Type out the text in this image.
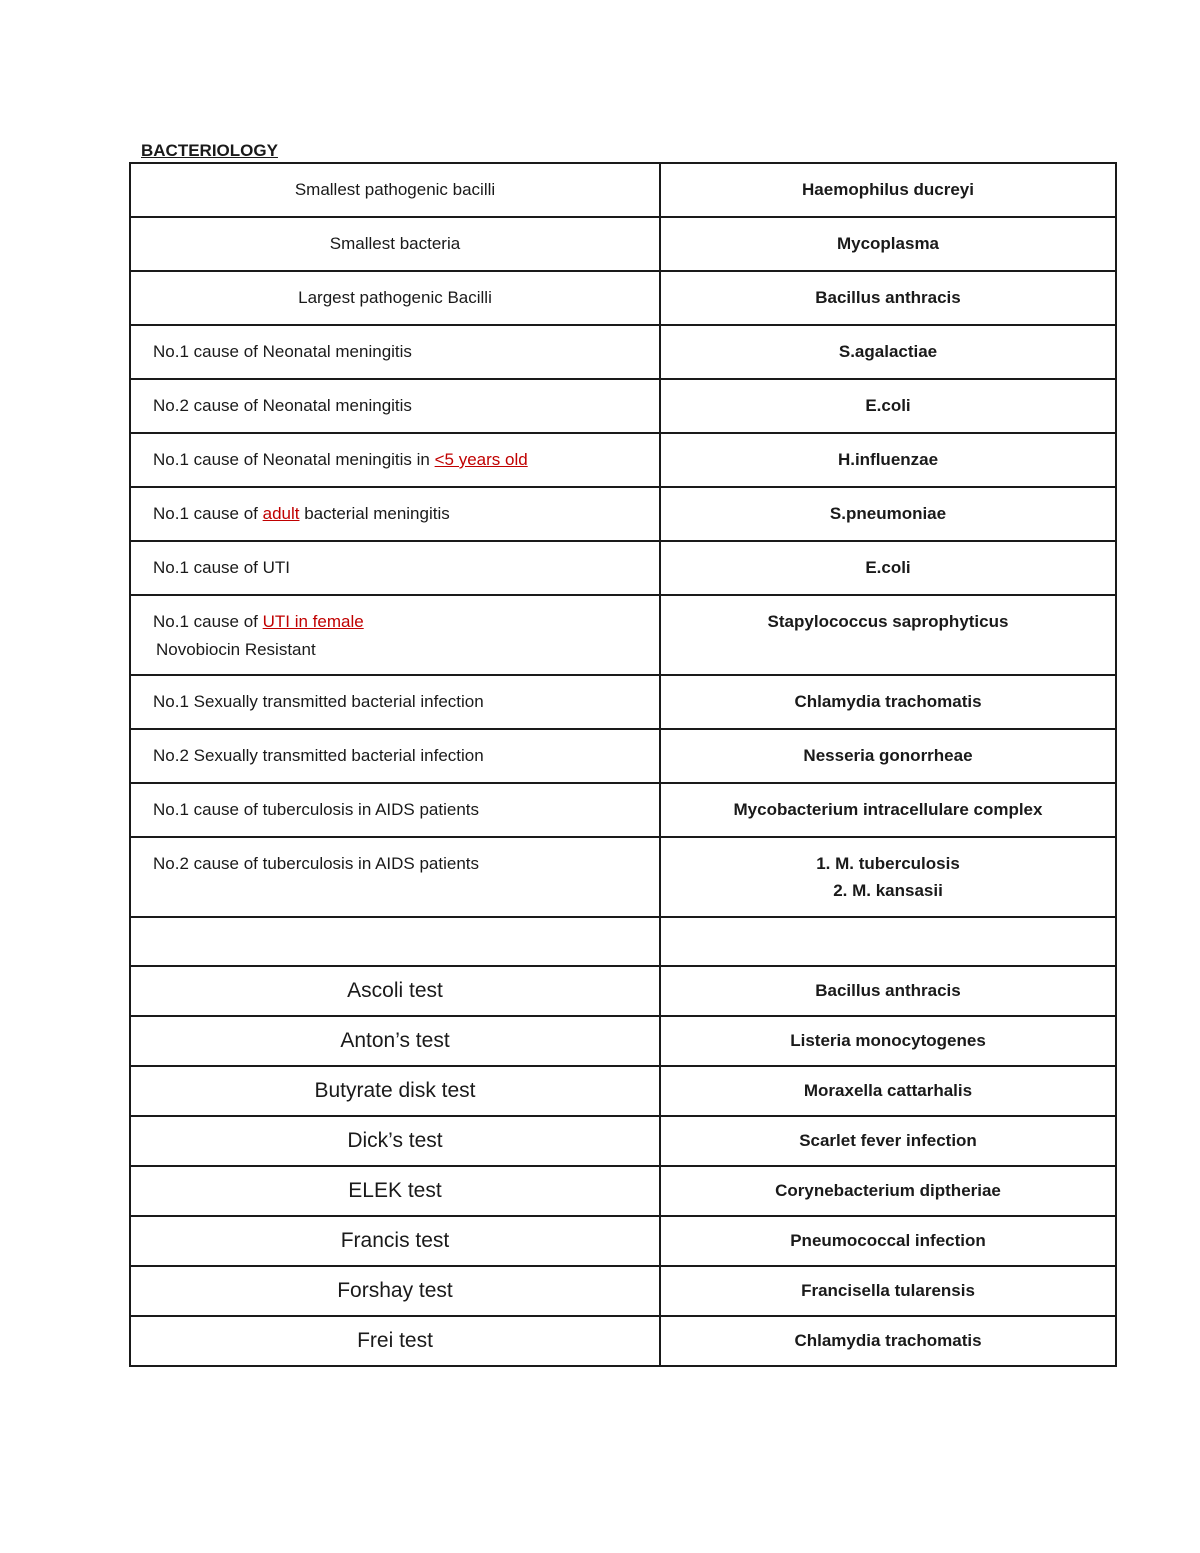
BACTERIOLOGY
Smallest pathogenic bacilli	Haemophilus ducreyi
Smallest bacteria	Mycoplasma
Largest pathogenic Bacilli	Bacillus anthracis
No.1 cause of Neonatal meningitis	S.agalactiae
No.2 cause of Neonatal meningitis	E.coli
No.1 cause of Neonatal meningitis in <5 years old	H.influenzae
No.1 cause of adult bacterial meningitis	S.pneumoniae
No.1 cause of UTI	E.coli

No.1 cause of UTI in female
Novobiocin Resistant	Stapylococcus saprophyticus
No.1 Sexually transmitted bacterial infection	Chlamydia trachomatis
No.2 Sexually transmitted bacterial infection	Nesseria gonorrheae
No.1 cause of tuberculosis in AIDS patients	Mycobacterium intracellulare complex
No.2 cause of tuberculosis in AIDS patients	1. M. tuberculosis
2. M. kansasii

Ascoli test	Bacillus anthracis
Anton’s test	Listeria monocytogenes
Butyrate disk test	Moraxella cattarhalis
Dick’s test	Scarlet fever infection
ELEK test	Corynebacterium diptheriae
Francis test	Pneumococcal infection
Forshay test	Francisella tularensis
Frei test	Chlamydia trachomatis
